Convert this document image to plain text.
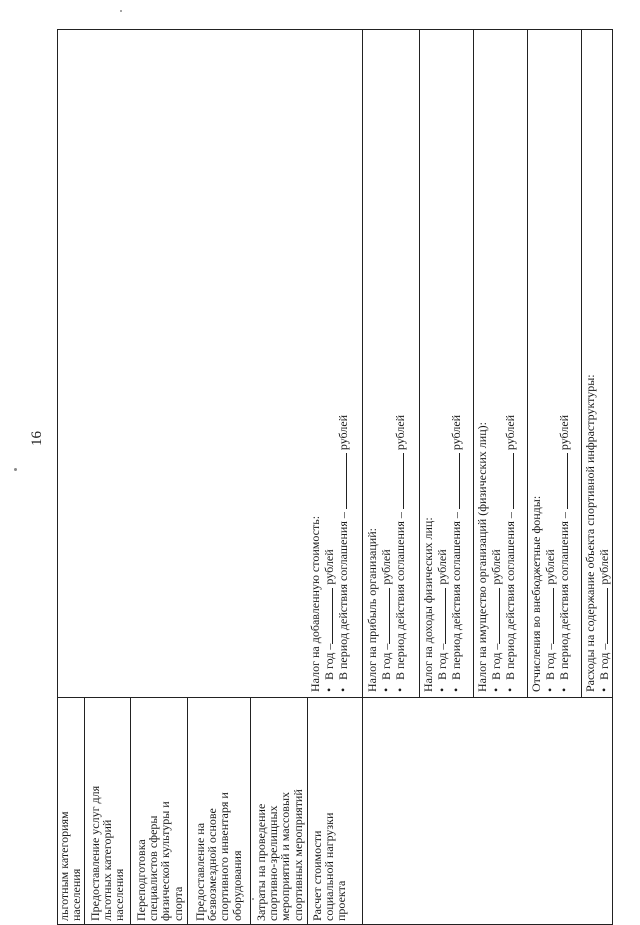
16
льготным категориям
населения Предоставление услуг для
льготных категорий
населения Переподготовка
специалистов сферы
физической культуры и
спорта Предоставление на
безвозмездной основе
спортивного инвентаря и
оборудования Затраты на проведение
спортивно-зрелищных
мероприятий и массовых
спортивных мероприятий Расчет стоимости
социальной нагрузки
проекта
Налог на добавленную стоимость: •В год – рублей
•В период действия соглашения –  рублей
Налог на прибыль организаций: •В год – рублей
•В период действия соглашения –  рублей
Налог на доходы физических лиц: •В год – рублей
•В период действия соглашения –  рублей Налог на имущество организаций (физических лиц): •В год – рублей
•В период действия соглашения –  рублей
Отчисления во внебюджетные фонды: •В год – рублей
•В период действия соглашения –  рублей Расходы на содержание объекта спортивной инфраструктуры: •В год – рублей
